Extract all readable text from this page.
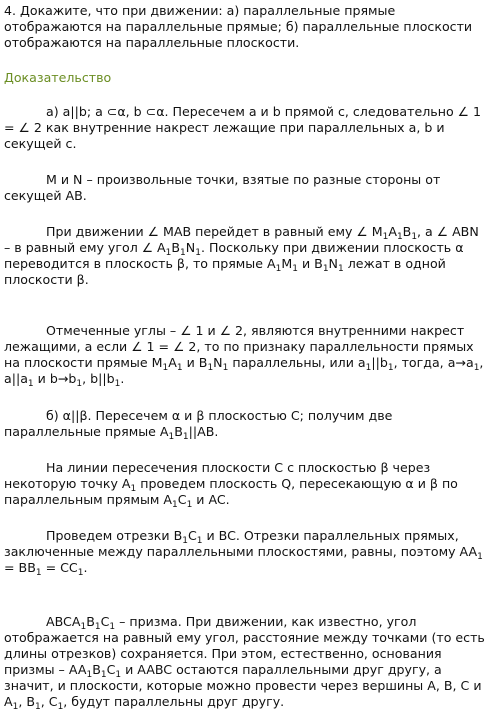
4. Докажите, что при движении: а) параллельные прямые отображаются на параллельные прямые; б) параллельные плоскости отображаются на параллельные плоскости.

Доказательство

а) a||b; a ⊂α, b ⊂α. Пересечем a и b прямой c, следовательно ∠ 1 = ∠ 2 как внутренние накрест лежащие при параллельных a, b и секущей c.

M и N – произвольные точки, взятые по разные стороны от секущей AB.

При движении ∠ MAB перейдет в равный ему ∠ $M_1A_1B_1$, а ∠ ABN – в равный ему угол ∠ $A_1B_1N_1$. Поскольку при движении плоскость α переводится в плоскость β, то прямые $A_1M_1$ и $B_1N_1$ лежат в одной плоскости β.

Отмеченные углы – ∠ 1 и ∠ 2, являются внутренними накрест лежащими, а если ∠ 1 = ∠ 2, то по признаку параллельности прямых на плоскости прямые $M_1A_1$ и $B_1N_1$ параллельны, или $a_1||b_1$, тогда, $a\to a_1$, $a||a_1$ и $b\to b_1$, $b||b_1$.

б) α||β. Пересечем α и β плоскостью C; получим две параллельные прямые $A_1B_1||AB$.

На линии пересечения плоскости C с плоскостью β через некоторую точку $A_1$ проведем плоскость Q, пересекающую α и β по параллельным прямым $A_1C_1$ и AC.

Проведем отрезки $B_1C_1$ и BC. Отрезки параллельных прямых, заключенные между параллельными плоскостями, равны, поэтому $AA_1 = BB_1 = CC_1$.

$ABCA_1B_1C_1$ – призма. При движении, как известно, угол отображается на равный ему угол, расстояние между точками (то есть длины отрезков) сохраняется. При этом, естественно, основания призмы – $AA_1B_1C_1$ и AABC остаются параллельными друг другу, а значит, и плоскости, которые можно провести через вершины A, B, C и $A_1$, $B_1$, $C_1$, будут параллельны друг другу.
